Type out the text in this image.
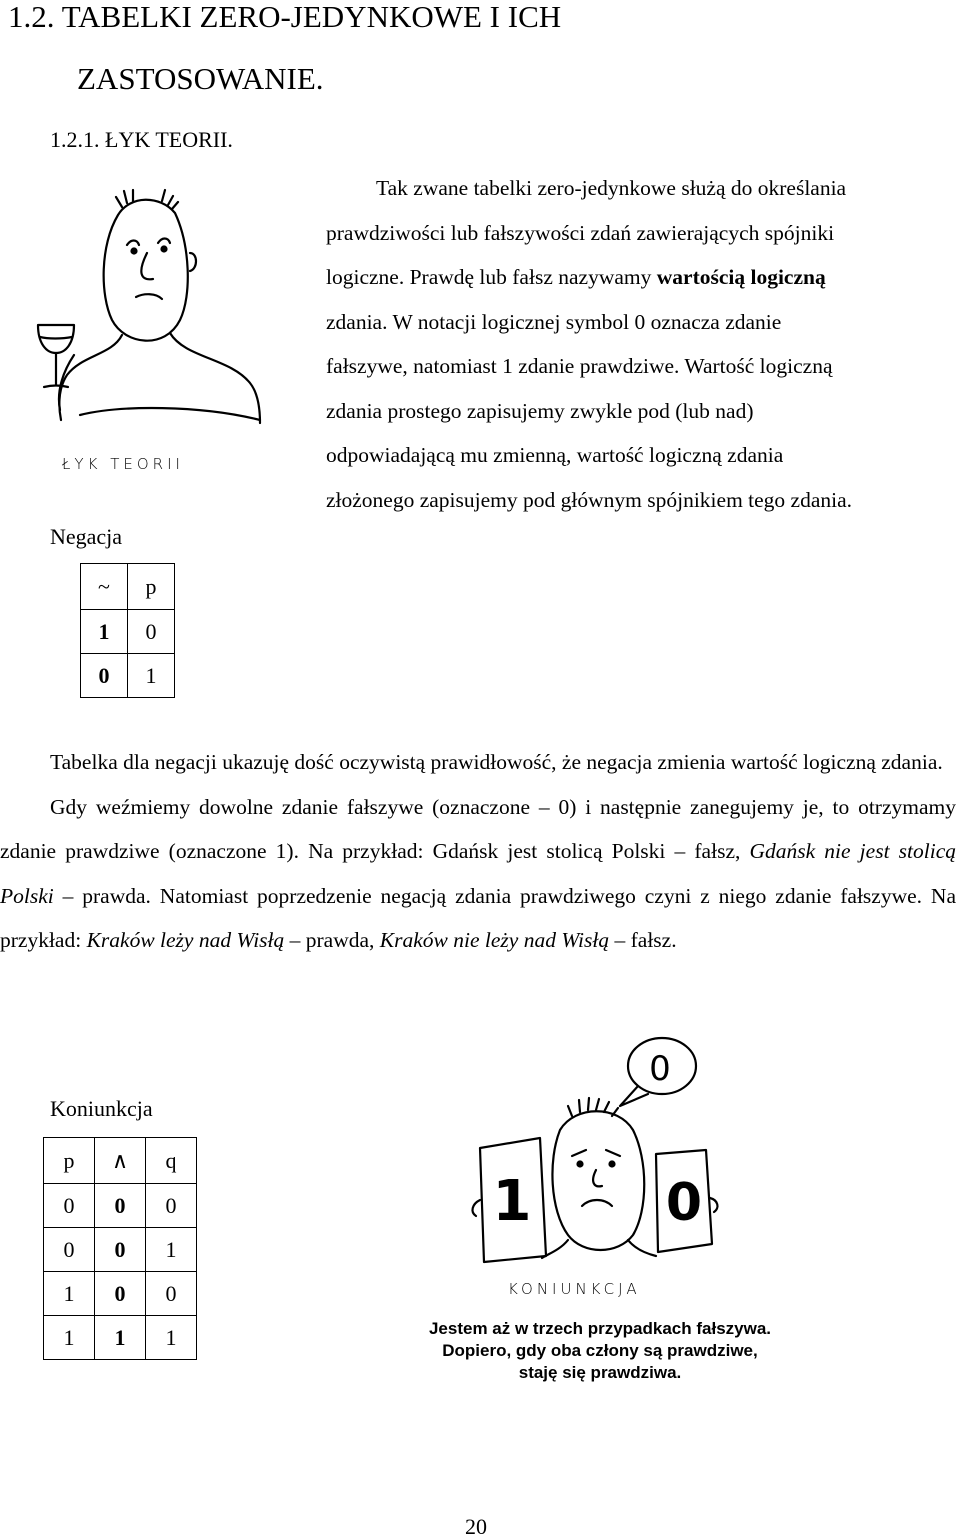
1.2. TABELKI ZERO-JEDYNKOWE I ICH
ZASTOSOWANIE.
1.2.1. ŁYK TEORII.
ŁYK TEORII

Tak zwane tabelki zero-jedynkowe służą do określania

prawdziwości lub fałszywości zdań zawierających spójniki

logiczne. Prawdę lub fałsz nazywamy wartością logiczną

zdania. W notacji logicznej symbol 0 oznacza zdanie

fałszywe, natomiast 1 zdanie prawdziwe. Wartość logiczną

zdania prostego zapisujemy zwykle pod (lub nad)

odpowiadającą mu zmienną, wartość logiczną zdania

złożonego zapisujemy pod głównym spójnikiem tego zdania.

Negacja
~	p
1	0
0	1

Tabelka dla negacji ukazuję dość oczywistą prawidłowość, że negacja zmienia wartość logiczną zdania.

Gdy weźmiemy dowolne zdanie fałszywe (oznaczone – 0) i następnie zanegujemy je, to otrzymamy zdanie prawdziwe (oznaczone 1). Na przykład: Gdańsk jest stolicą Polski – fałsz, Gdańsk nie jest stolicą Polski – prawda. Natomiast poprzedzenie negacją zdania prawdziwego czyni z niego zdanie fałszywe. Na przykład: Kraków leży nad Wisłą – prawda, Kraków nie leży nad Wisłą – fałsz.

Koniunkcja
p	∧	q
0	0	0
0	0	1
1	0	0
1	1	1
0
1	0
KONIUNKCJA
Jestem aż w trzech przypadkach fałszywa.
Dopiero, gdy oba człony są prawdziwe,
staję się prawdziwa.
20
